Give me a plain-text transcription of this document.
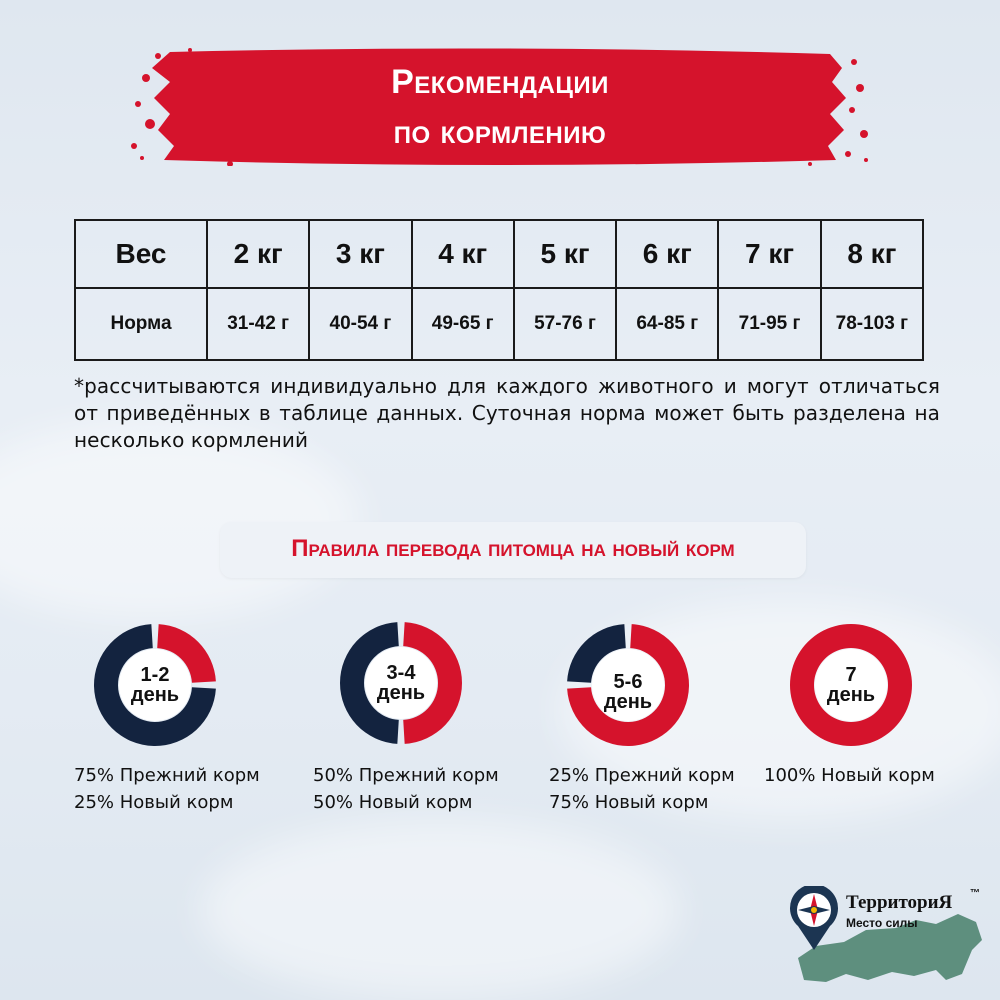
Рекомендации
по кормлению
Вес	2 кг	3 кг	4 кг	5 кг	6 кг	7 кг	8 кг
Норма	31-42 г	40-54 г	49-65 г	57-76 г	64-85 г	71-95 г	78-103 г
*рассчитываются индивидуально для каждого животного и могут отличаться от приведённых в таблице данных. Суточная норма может быть разделена на несколько кормлений
Правила перевода питомца на новый корм
1-2
день
3-4
день	5-6
день
7
день
75% Прежний корм
25% Новый корм
50% Прежний корм
50% Новый корм
25% Прежний корм
75% Новый корм
100% Новый корм
ТерриториЯ ™
Место силы
